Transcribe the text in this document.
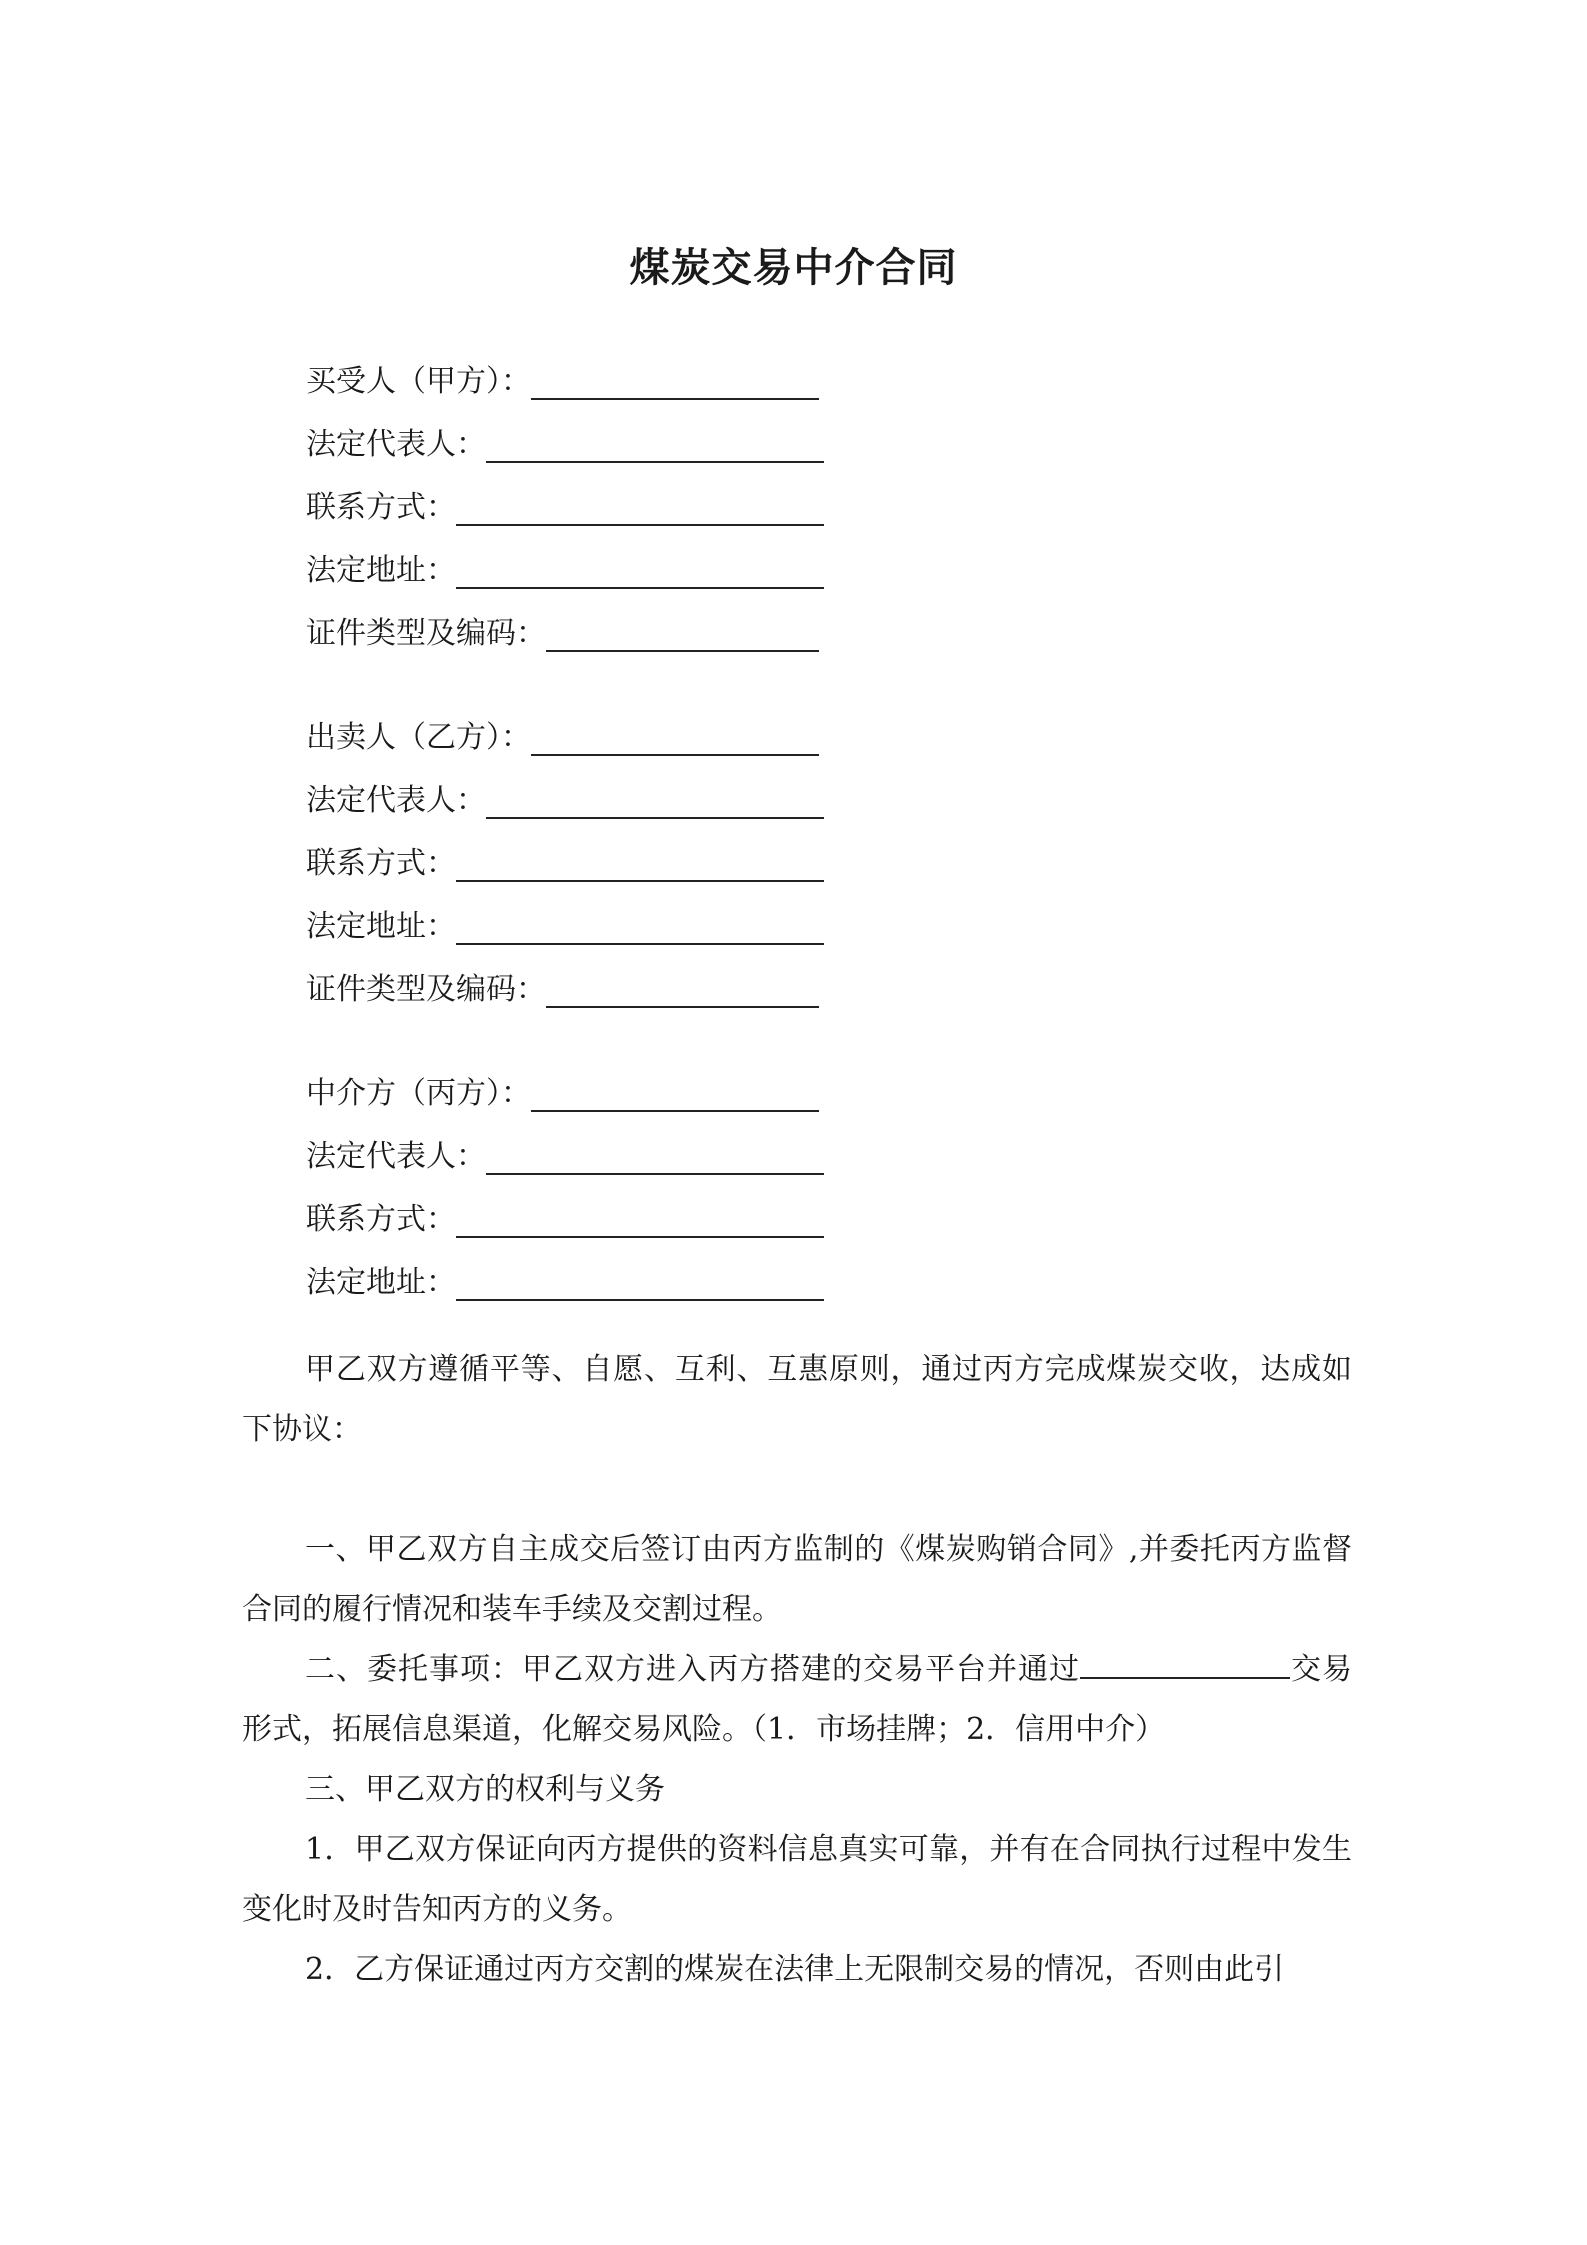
煤炭交易中介合同
买受人（甲方）：
法定代表人：
联系方式：
法定地址：
证件类型及编码：
出卖人（乙方）：
法定代表人：
联系方式：
法定地址：
证件类型及编码：
中介方（丙方）：
法定代表人：
联系方式：
法定地址：

甲乙双方遵循平等、自愿、互利、互惠原则，通过丙方完成煤炭交收，达成如下协议：

一、甲乙双方自主成交后签订由丙方监制的《煤炭购销合同》,并委托丙方监督合同的履行情况和装车手续及交割过程。

二、委托事项：甲乙双方进入丙方搭建的交易平台并通过	交易形式，拓展信息渠道，化解交易风险。（1．市场挂牌；2．信用中介）

三、甲乙双方的权利与义务

1．甲乙双方保证向丙方提供的资料信息真实可靠，并有在合同执行过程中发生变化时及时告知丙方的义务。

2．乙方保证通过丙方交割的煤炭在法律上无限制交易的情况，否则由此引
